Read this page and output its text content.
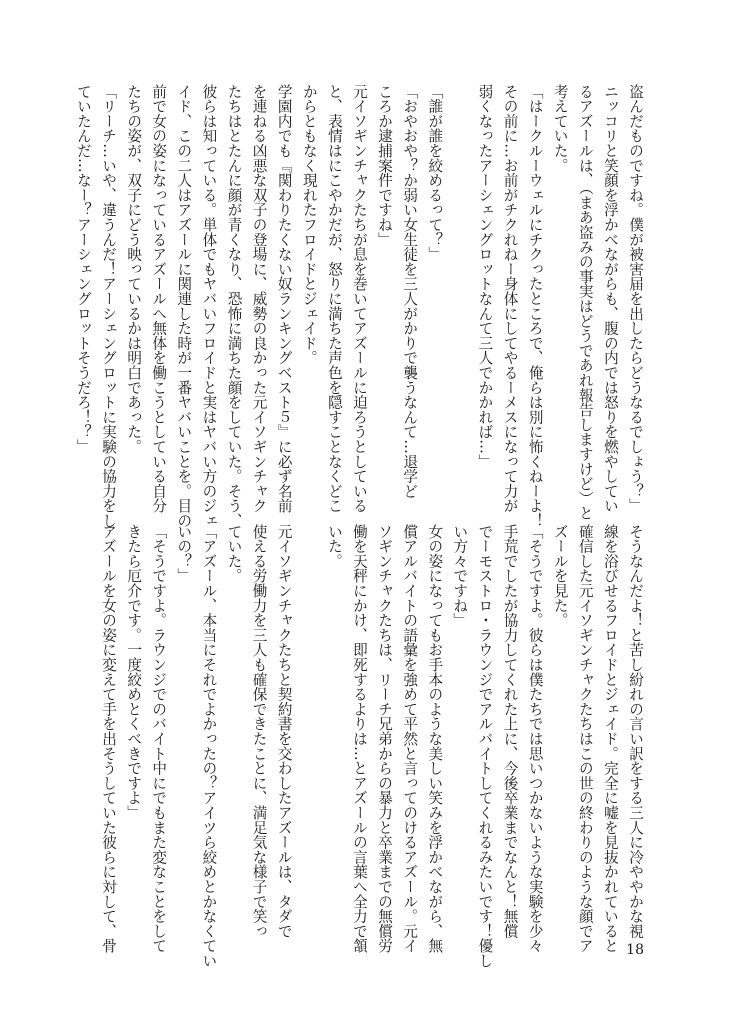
盗んだものですね。僕が被害届を出したらどうなるでしょう？」
ニッコリと笑顔を浮かべながらも、腹の内では怒りを燃やしてい
るアズールは、（まあ盗みの事実はどうであれ報告しますけど）と
考えていた。
「はークルーウェルにチクったところで、俺らは別に怖くねーよ！
その前に…お前がチクれねー身体にしてやるーメスになって力が
弱くなったアーシェングロットなんて三人でかかれば…」

「誰が誰を絞めるって？」
「おやおや？か弱い女生徒を三人がかりで襲うなんて…退学ど
ころか逮捕案件ですね」
元イソギンチャクたちが息を巻いてアズールに迫ろうとしている
と、表情はにこやかだが、怒りに満ちた声色を隠すことなくどこ
からともなく現れたフロイドとジェイド。
学園内でも『関わりたくない奴ランキングベスト５』に必ず名前
を連ねる凶悪な双子の登場に、威勢の良かった元イソギンチャク
たちはとたんに顔が青くなり、恐怖に満ちた顔をしていた。そう、
彼らは知っている。単体でもヤバいフロイドと実はヤバい方のジェ
イド、この二人はアズールに関連した時が一番ヤバいことを。目の
前で女の姿になっているアズールへ無体を働こうとしている自分
たちの姿が、双子にどう映っているかは明白であった。
「リーチ…いや、違うんだ！アーシェングロットに実験の協力をし
ていたんだ…なー？アーシェングロットそうだろ！？」
そうなんだよ！と苦し紛れの言い訳をする三人に冷ややかな視
線を浴びせるフロイドとジェイド。完全に嘘を見抜かれていると
確信した元イソギンチャクたちはこの世の終わりのような顔でア
ズールを見た。
「そうですよ。彼らは僕たちでは思いつかないような実験を少々
手荒でしたが協力してくれた上に、今後卒業までなんと！無償
でーモストロ・ラウンジでアルバイトしてくれるみたいです！優し
い方々ですね」
女の姿になってもお手本のような美しい笑みを浮かべながら、無
償アルバイトの語彙を強めて平然と言ってのけるアズール。元イ
ソギンチャクたちは、リーチ兄弟からの暴力と卒業までの無償労
働を天秤にかけ、即死するよりは…とアズールの言葉へ全力で頷
いた。

元イソギンチャクたちと契約書を交わしたアズールは、タダで
使える労働力を三人も確保できたことに、満足気な様子で笑っ
ていた。
「アズール、本当にそれでよかったの？アイツら絞めとかなくてい
いの？」
「そうですよ。ラウンジでのバイト中にでもまた変なことをして
きたら厄介です。一度絞めとくべきですよ」
アズールを女の姿に変えて手を出そうしていた彼らに対して、骨	18
